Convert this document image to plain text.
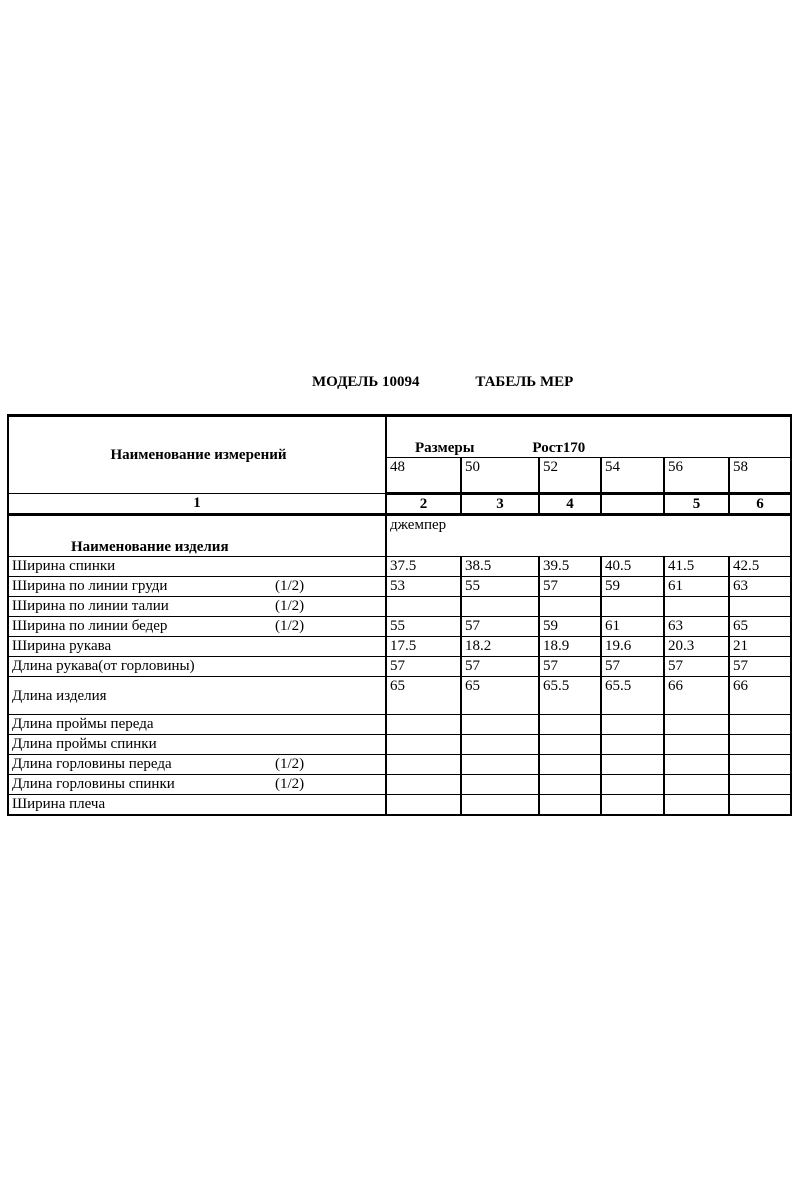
МОДЕЛЬ 10094	ТАБЕЛЬ МЕР
Наименование измерений	Размеры Рост170					
	48	50	52	54	56	58
1	2	3	4		5	6
Наименование изделия	джемпер					
Ширина спинки	37.5	38.5	39.5	40.5	41.5	42.5
Ширина по линии груди (1/2)	53	55	57	59	61	63
Ширина по линии талии (1/2)						

Ширина по линии бедер (1/2)	55	57	59	61	63	65
Ширина рукава	17.5	18.2	18.9	19.6	20.3	21
Длина рукава(от горловины)	57	57	57	57	57	57
Длина изделия	65	65	65.5	65.5	66	66
Длина проймы переда						
Длина проймы спинки						
Длина горловины переда (1/2)						

Длина горловины спинки (1/2)						

Ширина плеча						
